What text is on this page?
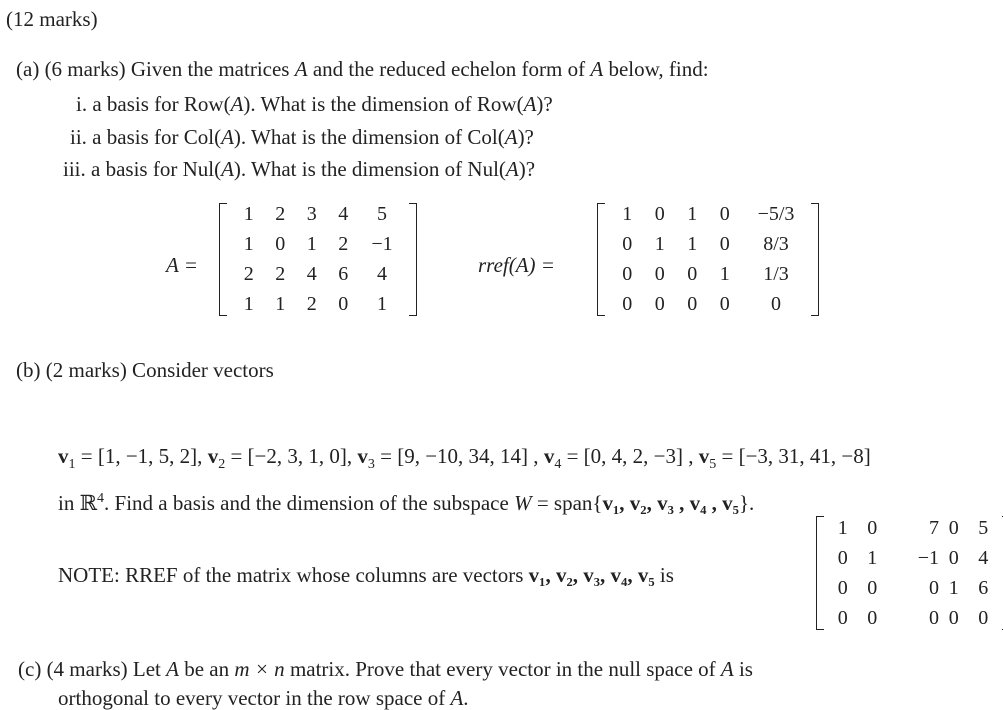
(12 marks)
(a) (6 marks) Given the matrices A and the reduced echelon form of A below, find:
i. a basis for Row(A). What is the dimension of Row(A)?
ii. a basis for Col(A). What is the dimension of Col(A)?
iii. a basis for Nul(A). What is the dimension of Nul(A)?
A =
1	2	3	4	5
1	0	1	2	−1
2	2	4	6	4
1	1	2	0	1
rref(A) =
1	0	1	0	−5/3
0	1	1	0	8/3
0	0	0	1	1/3
0	0	0	0	0
(b) (2 marks) Consider vectors
$v_1 = [1$, −1, 5, 2], $v_2 = [-2$, 3, 1, 0], $v_3 = [9$, −10, 34, 14] , $v_4 = [0$, 4, 2, −3] , $v_5 = [-3$, 31, 41, −8]
in ℝ$^4$. Find a basis and the dimension of the subspace W = span{v₁, v₂, v₃ , v₄ , v₅}.
NOTE: RREF of the matrix whose columns are vectors v₁, v₂, v₃, v₄, v₅ is
1	0	7	0	5
0	1	−1	0	4
0	0	0	1	6
0	0	0	0	0
(c) (4 marks) Let A be an m × n matrix. Prove that every vector in the null space of A is
orthogonal to every vector in the row space of A.
